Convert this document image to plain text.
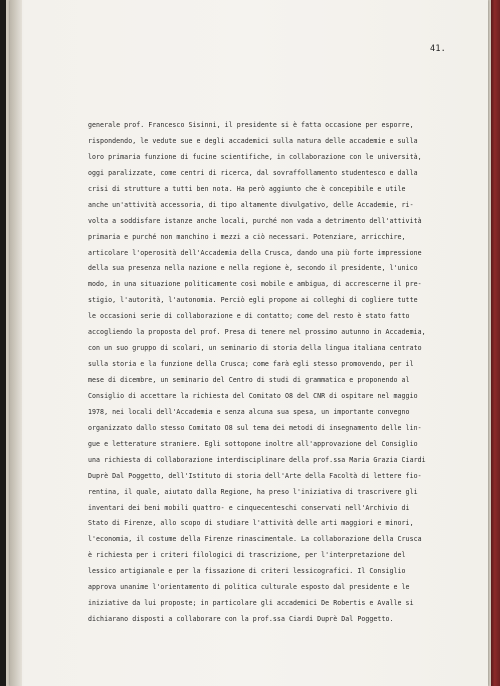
41.
generale prof. Francesco Sisinni, il presidente si è fatta occasione per esporre,
rispondendo, le vedute sue e degli accademici sulla natura delle accademie e sulla
loro primaria funzione di fucine scientifiche, in collaborazione con le università,
oggi paralizzate, come centri di ricerca, dal sovraffollamento studentesco e dalla
crisi di strutture a tutti ben nota. Ha però aggiunto che è concepibile e utile
anche un'attività accessoria, di tipo altamente divulgativo, delle Accademie, ri-
volta a soddisfare istanze anche locali, purché non vada a detrimento dell'attività
primaria e purché non manchino i mezzi a ciò necessari. Potenziare, arricchire,
articolare l'operosità dell'Accademia della Crusca, dando una più forte impressione
della sua presenza nella nazione e nella regione è, secondo il presidente, l'unico
modo, in una situazione politicamente così mobile e ambigua, di accrescerne il pre-
stigio, l'autorità, l'autonomia. Perciò egli propone ai colleghi di cogliere tutte
le occasioni serie di collaborazione e di contatto; come del resto è stato fatto
accogliendo la proposta del prof. Presa di tenere nel prossimo autunno in Accademia,
con un suo gruppo di scolari, un seminario di storia della lingua italiana centrato
sulla storia e la funzione della Crusca; come farà egli stesso promovendo, per il
mese di dicembre, un seminario del Centro di studi di grammatica e proponendo al
Consiglio di accettare la richiesta del Comitato O8 del CNR di ospitare nel maggio
1978, nei locali dell'Accademia e senza alcuna sua spesa, un importante convegno
organizzato dallo stesso Comitato O8 sul tema dei metodi di insegnamento delle lin-
gue e letterature straniere. Egli sottopone inoltre all'approvazione del Consiglio
una richiesta di collaborazione interdisciplinare della prof.ssa Maria Grazia Ciardi
Duprè Dal Poggetto, dell'Istituto di storia dell'Arte della Facoltà di lettere fio-
rentina, il quale, aiutato dalla Regione, ha preso l'iniziativa di trascrivere gli
inventari dei beni mobili quattro- e cinquecenteschi conservati nell'Archivio di
Stato di Firenze, allo scopo di studiare l'attività delle arti maggiori e minori,
l'economia, il costume della Firenze rinascimentale. La collaborazione della Crusca
è richiesta per i criteri filologici di trascrizione, per l'interpretazione del
lessico artigianale e per la fissazione di criteri lessicografici. Il Consiglio
approva unanime l'orientamento di politica culturale esposto dal presidente e le
iniziative da lui proposte; in particolare gli accademici De Robertis e Avalle si
dichiarano disposti a collaborare con la prof.ssa Ciardi Duprè Dal Poggetto.
